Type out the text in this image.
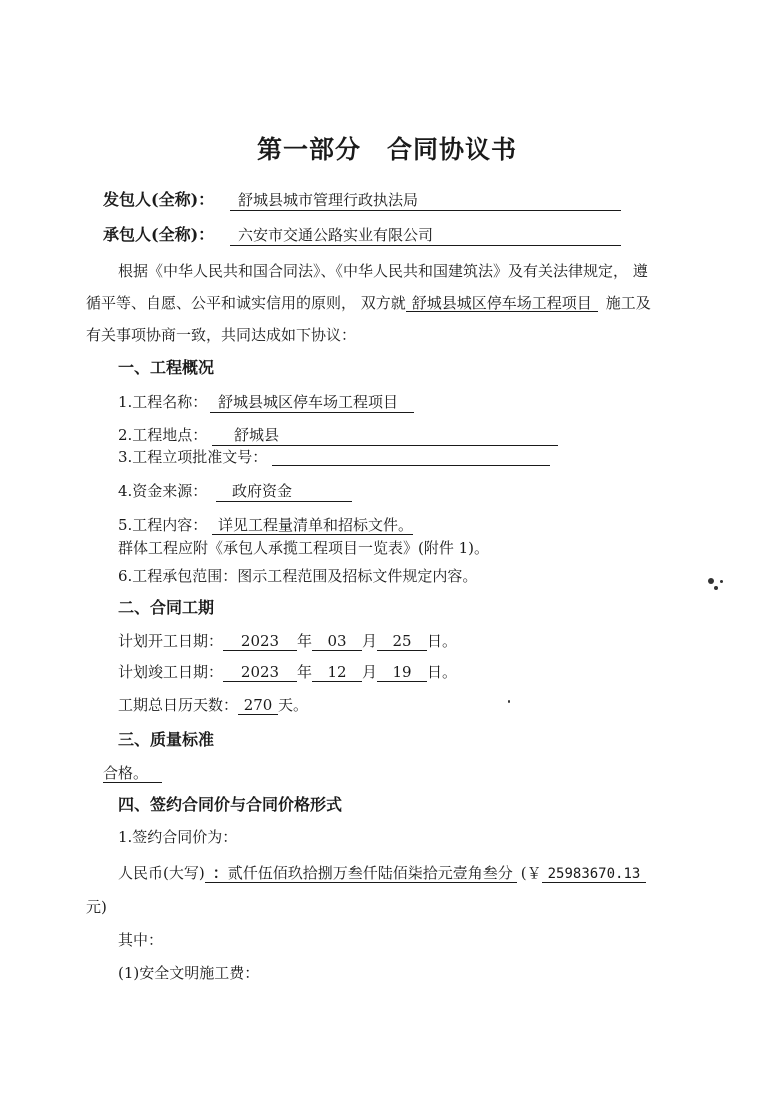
第一部分　合同协议书
发包人(全称)：	舒城县城市管理行政执法局
承包人(全称)：	六安市交通公路实业有限公司
根据《中华人民共和国合同法》、《中华人民共和国建筑法》及有关法律规定， 遵
循平等、自愿、公平和诚实信用的原则， 双方就 舒城县城区停车场工程项目 施工及
有关事项协商一致，共同达成如下协议：
一、工程概况
1.工程名称： 舒城县城区停车场工程项目
2.工程地点：	舒城县
3.工程立项批准文号：
4.资金来源：	政府资金
5.工程内容： 详见工程量清单和招标文件。
群体工程应附《承包人承揽工程项目一览表》(附件 1)。
6.工程承包范围：图示工程范围及招标文件规定内容。
二、合同工期
计划开工日期： 2023 年 03 月 25 日。
计划竣工日期： 2023 年 12 月 19 日。
工期总日历天数： 270 天。
三、质量标准
合格。
四、签约合同价与合同价格形式
1.签约合同价为：
人民币(大写) ：贰仟伍佰玖拾捌万叁仟陆佰柒拾元壹角叁分 (￥ 25983670.13
元)
其中：
(1)安全文明施工费：
